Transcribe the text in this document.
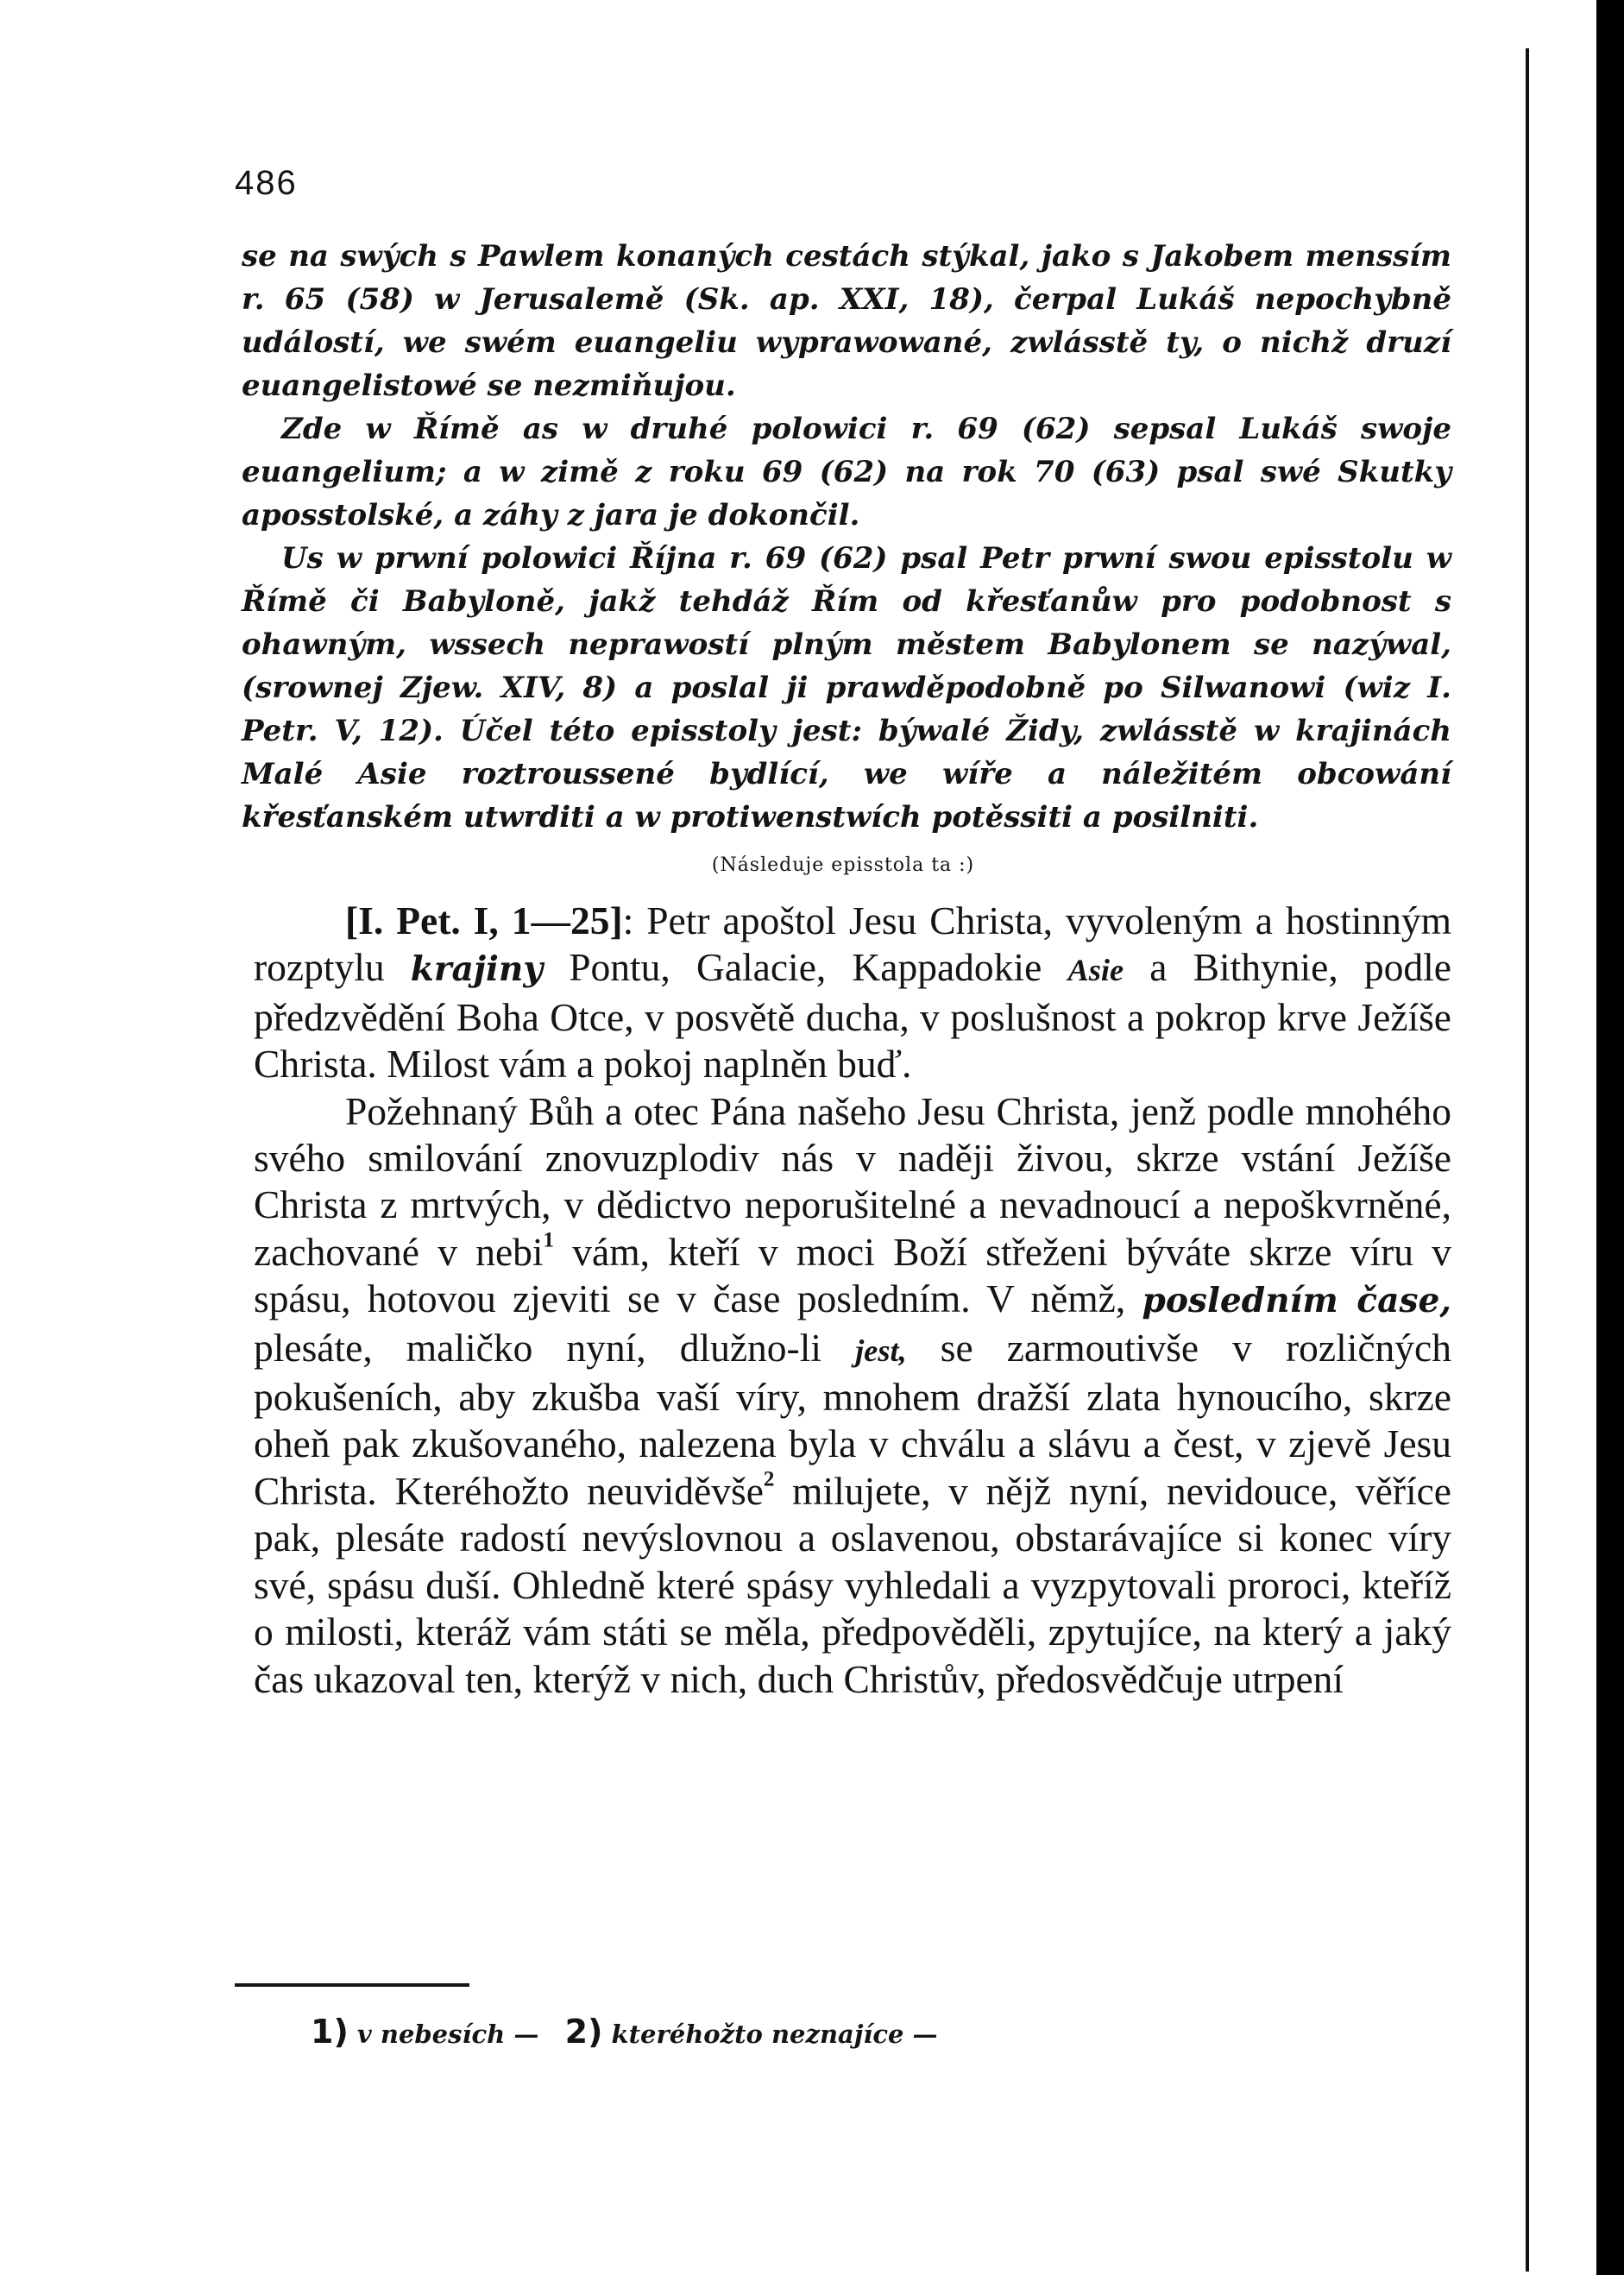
486

se na swých s Pawlem konaných cestách stýkal, jako s Jakobem menssím r. 65 (58) w Jerusalemě (Sk. ap. XXI, 18), čerpal Lukáš nepochybně událostí, we swém euangeliu wyprawowané, zwlásstě ty, o nichž druzí euangelistowé se nezmiňujou.

Zde w Římě as w druhé polowici r. 69 (62) sepsal Lukáš swoje euangelium; a w zimě z roku 69 (62) na rok 70 (63) psal swé Skutky aposstolské, a záhy z jara je dokončil.

Us w prwní polowici Října r. 69 (62) psal Petr prwní swou episstolu w Římě či Babyloně, jakž tehdáž Řím od křesťanůw pro podobnost s ohawným, wssech neprawostí plným městem Babylonem se nazýwal, (srownej Zjew. XIV, 8) a poslal ji prawděpodobně po Silwanowi (wiz I. Petr. V, 12). Účel této episstoly jest: býwalé Židy, zwlásstě w krajinách Malé Asie roztroussené bydlící, we wíře a náležitém obcowání křesťanském utwrditi a w protiwenstwích potěssiti a posilniti.

(Následuje episstola ta :)

[I. Pet. I, 1—25]: Petr apoštol Jesu Christa, vyvoleným a hostinným rozptylu krajiny Pontu, Galacie, Kappadokie Asie a Bithynie, podle předzvědění Boha Otce, v posvětě ducha, v poslušnost a pokrop krve Ježíše Christa. Milost vám a pokoj naplněn buď.

Požehnaný Bůh a otec Pána našeho Jesu Christa, jenž podle mnohého svého smilování znovuzplodiv nás v naději živou, skrze vstání Ježíše Christa z mrtvých, v dědictvo neporušitelné a nevadnoucí a nepoškvrněné, zachované v nebi$^1$ vám, kteří v moci Boží střeženi býváte skrze víru v spásu, hotovou zjeviti se v čase posledním. V němž, posledním čase, plesáte, maličko nyní, dlužno-li jest, se zarmoutivše v rozličných pokušeních, aby zkušba vaší víry, mnohem dražší zlata hynoucího, skrze oheň pak zkušovaného, nalezena byla v chválu a slávu a čest, v zjevě Jesu Christa. Kteréhožto neuviděvše$^2$ milujete, v nějž nyní, nevidouce, věříce pak, plesáte radostí nevýslovnou a oslavenou, obstarávajíce si konec víry své, spásu duší. Ohledně které spásy vyhledali a vyzpytovali proroci, kteříž o milosti, kteráž vám státi se měla, předpověděli, zpytujíce, na který a jaký čas ukazoval ten, kterýž v nich, duch Christův, předosvědčuje utrpení

1) v nebesích — 2) kteréhožto neznajíce —
